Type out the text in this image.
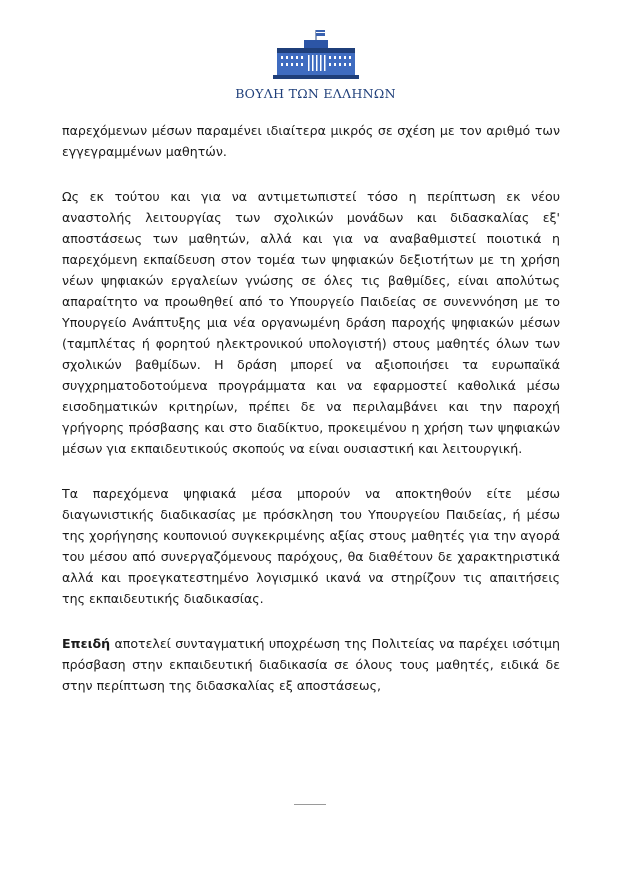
ΒΟΥΛΗ ΤΩΝ ΕΛΛΗΝΩΝ

παρεχόμενων μέσων παραμένει ιδιαίτερα μικρός σε σχέση με τον αριθμό των εγγεγραμμένων μαθητών.

Ως εκ τούτου και για να αντιμετωπιστεί τόσο η περίπτωση εκ νέου αναστολής λειτουργίας των σχολικών μονάδων και διδασκαλίας εξ' αποστάσεως των μαθητών, αλλά και για να αναβαθμιστεί ποιοτικά η παρεχόμενη εκπαίδευση στον τομέα των ψηφιακών δεξιοτήτων με τη χρήση νέων ψηφιακών εργαλείων γνώσης σε όλες τις βαθμίδες, είναι απολύτως απαραίτητο να προωθηθεί από το Υπουργείο Παιδείας σε συνεννόηση με το Υπουργείο Ανάπτυξης μια νέα οργανωμένη δράση παροχής ψηφιακών μέσων (ταμπλέτας ή φορητού ηλεκτρονικού υπολογιστή) στους μαθητές όλων των σχολικών βαθμίδων. Η δράση μπορεί να αξιοποιήσει τα ευρωπαϊκά συγχρηματοδοτούμενα προγράμματα και να εφαρμοστεί καθολικά μέσω εισοδηματικών κριτηρίων, πρέπει δε να περιλαμβάνει και την παροχή γρήγορης πρόσβασης και στο διαδίκτυο, προκειμένου η χρήση των ψηφιακών μέσων για εκπαιδευτικούς σκοπούς να είναι ουσιαστική και λειτουργική.

Τα παρεχόμενα ψηφιακά μέσα μπορούν να αποκτηθούν είτε μέσω διαγωνιστικής διαδικασίας με πρόσκληση του Υπουργείου Παιδείας, ή μέσω της χορήγησης κουπονιού συγκεκριμένης αξίας στους μαθητές για την αγορά του μέσου από συνεργαζόμενους παρόχους, θα διαθέτουν δε χαρακτηριστικά αλλά και προεγκατεστημένο λογισμικό ικανά να στηρίζουν τις απαιτήσεις της εκπαιδευτικής διαδικασίας.

Επειδή αποτελεί συνταγματική υποχρέωση της Πολιτείας να παρέχει ισότιμη πρόσβαση στην εκπαιδευτική διαδικασία σε όλους τους μαθητές, ειδικά δε στην περίπτωση της διδασκαλίας εξ αποστάσεως,
